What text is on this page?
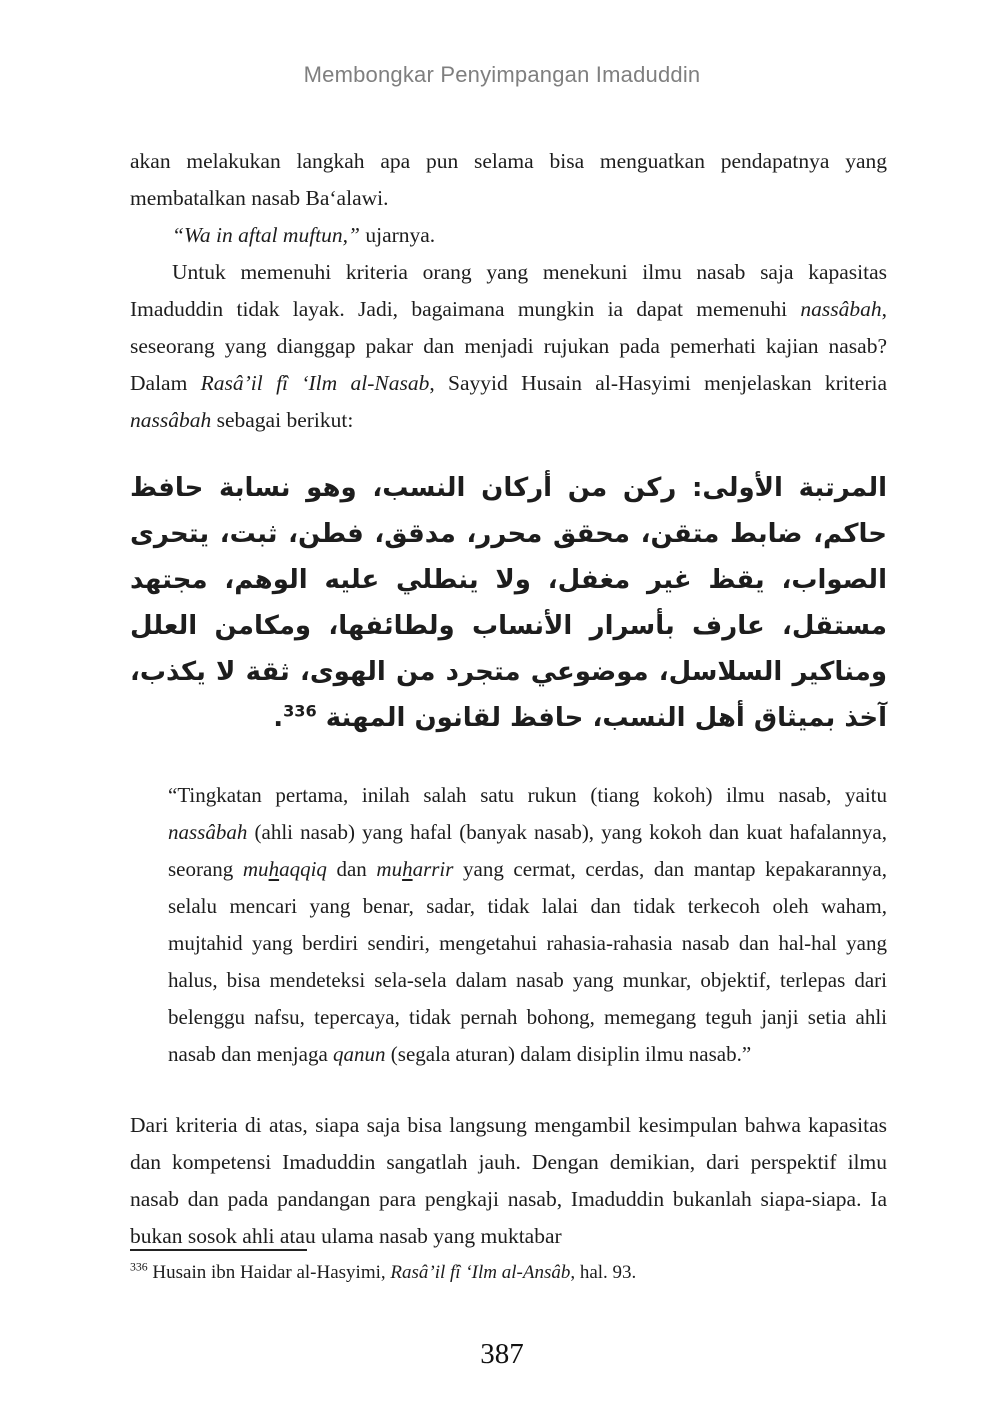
Membongkar Penyimpangan Imaduddin

akan melakukan langkah apa pun selama bisa menguatkan pendapatnya yang membatalkan nasab Ba‘alawi.

“Wa in aftal muftun,” ujarnya.

Untuk memenuhi kriteria orang yang menekuni ilmu nasab saja kapasitas Imaduddin tidak layak. Jadi, bagaimana mungkin ia dapat memenuhi nassâbah, seseorang yang dianggap pakar dan menjadi rujukan pada pemerhati kajian nasab? Dalam Rasâ’il fî ‘Ilm al-Nasab, Sayyid Husain al-Hasyimi menjelaskan kriteria nassâbah sebagai berikut:

المرتبة الأولى: ركن من أركان النسب، وهو نسابة حافظ حاكم، ضابط متقن، محقق محرر، مدقق، فطن، ثبت، يتحرى الصواب، يقظ غير مغفل، ولا ينطلي عليه الوهم، مجتهد مستقل، عارف بأسرار الأنساب ولطائفها، ومكامن العلل ومناكير السلاسل، موضوعي متجرد من الهوى، ثقة لا يكذب، آخذ بميثاق أهل النسب، حافظ لقانون المهنة $^{336}$.

“Tingkatan pertama, inilah salah satu rukun (tiang kokoh) ilmu nasab, yaitu nassâbah (ahli nasab) yang hafal (banyak nasab), yang kokoh dan kuat hafalannya, seorang muhaqqiq dan muharrir yang cermat, cerdas, dan mantap kepakarannya, selalu mencari yang benar, sadar, tidak lalai dan tidak terkecoh oleh waham, mujtahid yang berdiri sendiri, mengetahui rahasia-rahasia nasab dan hal-hal yang halus, bisa mendeteksi sela-sela dalam nasab yang munkar, objektif, terlepas dari belenggu nafsu, tepercaya, tidak pernah bohong, memegang teguh janji setia ahli nasab dan menjaga qanun (segala aturan) dalam disiplin ilmu nasab.”

Dari kriteria di atas, siapa saja bisa langsung mengambil kesimpulan bahwa kapasitas dan kompetensi Imaduddin sangatlah jauh. Dengan demikian, dari perspektif ilmu nasab dan pada pandangan para pengkaji nasab, Imaduddin bukanlah siapa-siapa. Ia bukan sosok ahli atau ulama nasab yang muktabar

$^{336}$ Husain ibn Haidar al-Hasyimi, Rasâ’il fî ‘Ilm al-Ansâb, hal. 93.
387
